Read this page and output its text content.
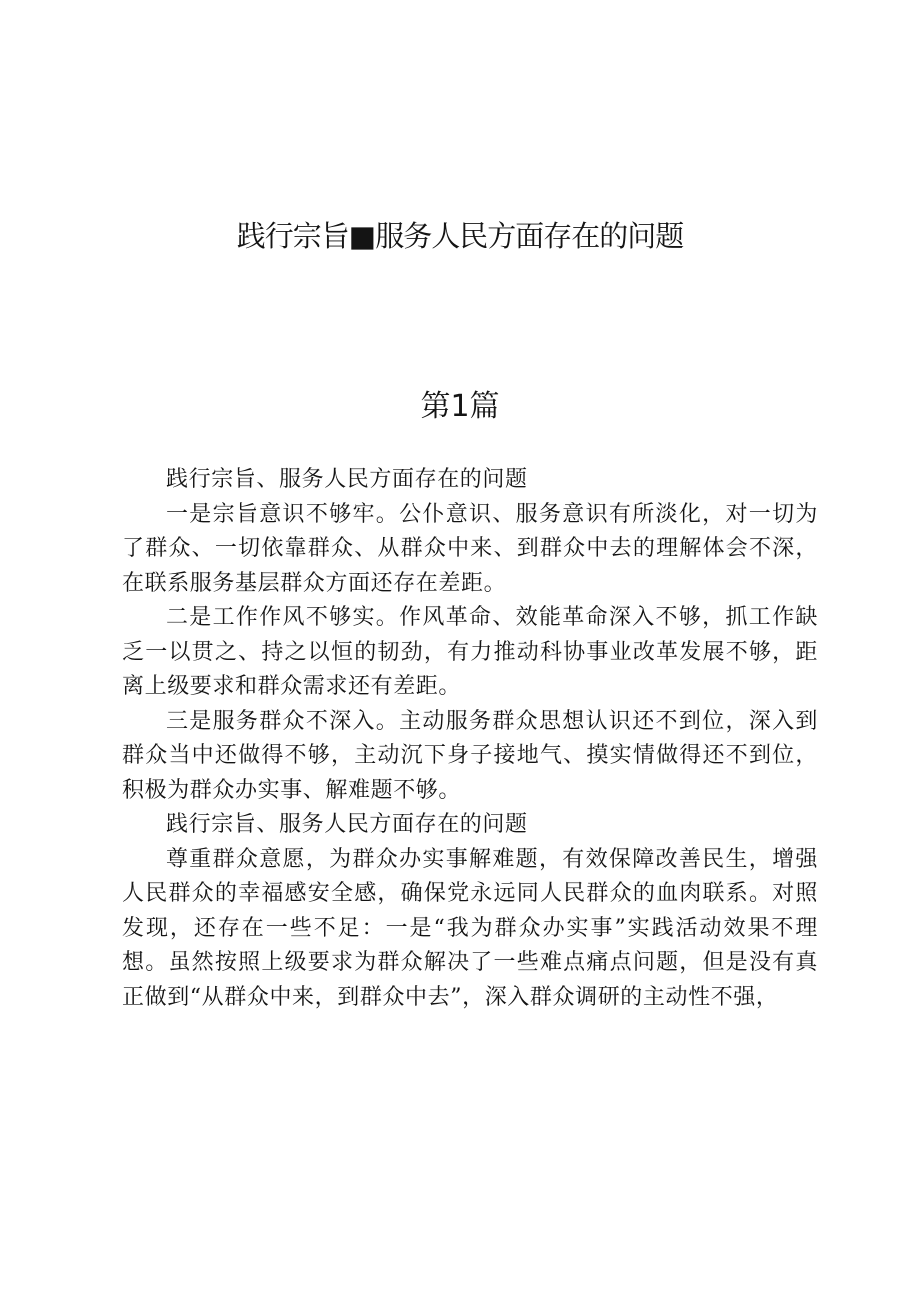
践行宗旨■服务人民方面存在的问题
第1篇

践行宗旨、服务人民方面存在的问题

一是宗旨意识不够牢。公仆意识、服务意识有所淡化，对一切为了群众、一切依靠群众、从群众中来、到群众中去的理解体会不深，在联系服务基层群众方面还存在差距。

二是工作作风不够实。作风革命、效能革命深入不够，抓工作缺乏一以贯之、持之以恒的韧劲，有力推动科协事业改革发展不够，距离上级要求和群众需求还有差距。

三是服务群众不深入。主动服务群众思想认识还不到位，深入到群众当中还做得不够，主动沉下身子接地气、摸实情做得还不到位，积极为群众办实事、解难题不够。

践行宗旨、服务人民方面存在的问题

尊重群众意愿，为群众办实事解难题，有效保障改善民生，增强人民群众的幸福感安全感，确保党永远同人民群众的血肉联系。对照发现，还存在一些不足：一是“我为群众办实事”实践活动效果不理想。虽然按照上级要求为群众解决了一些难点痛点问题，但是没有真正做到“从群众中来，到群众中去”，深入群众调研的主动性不强，
